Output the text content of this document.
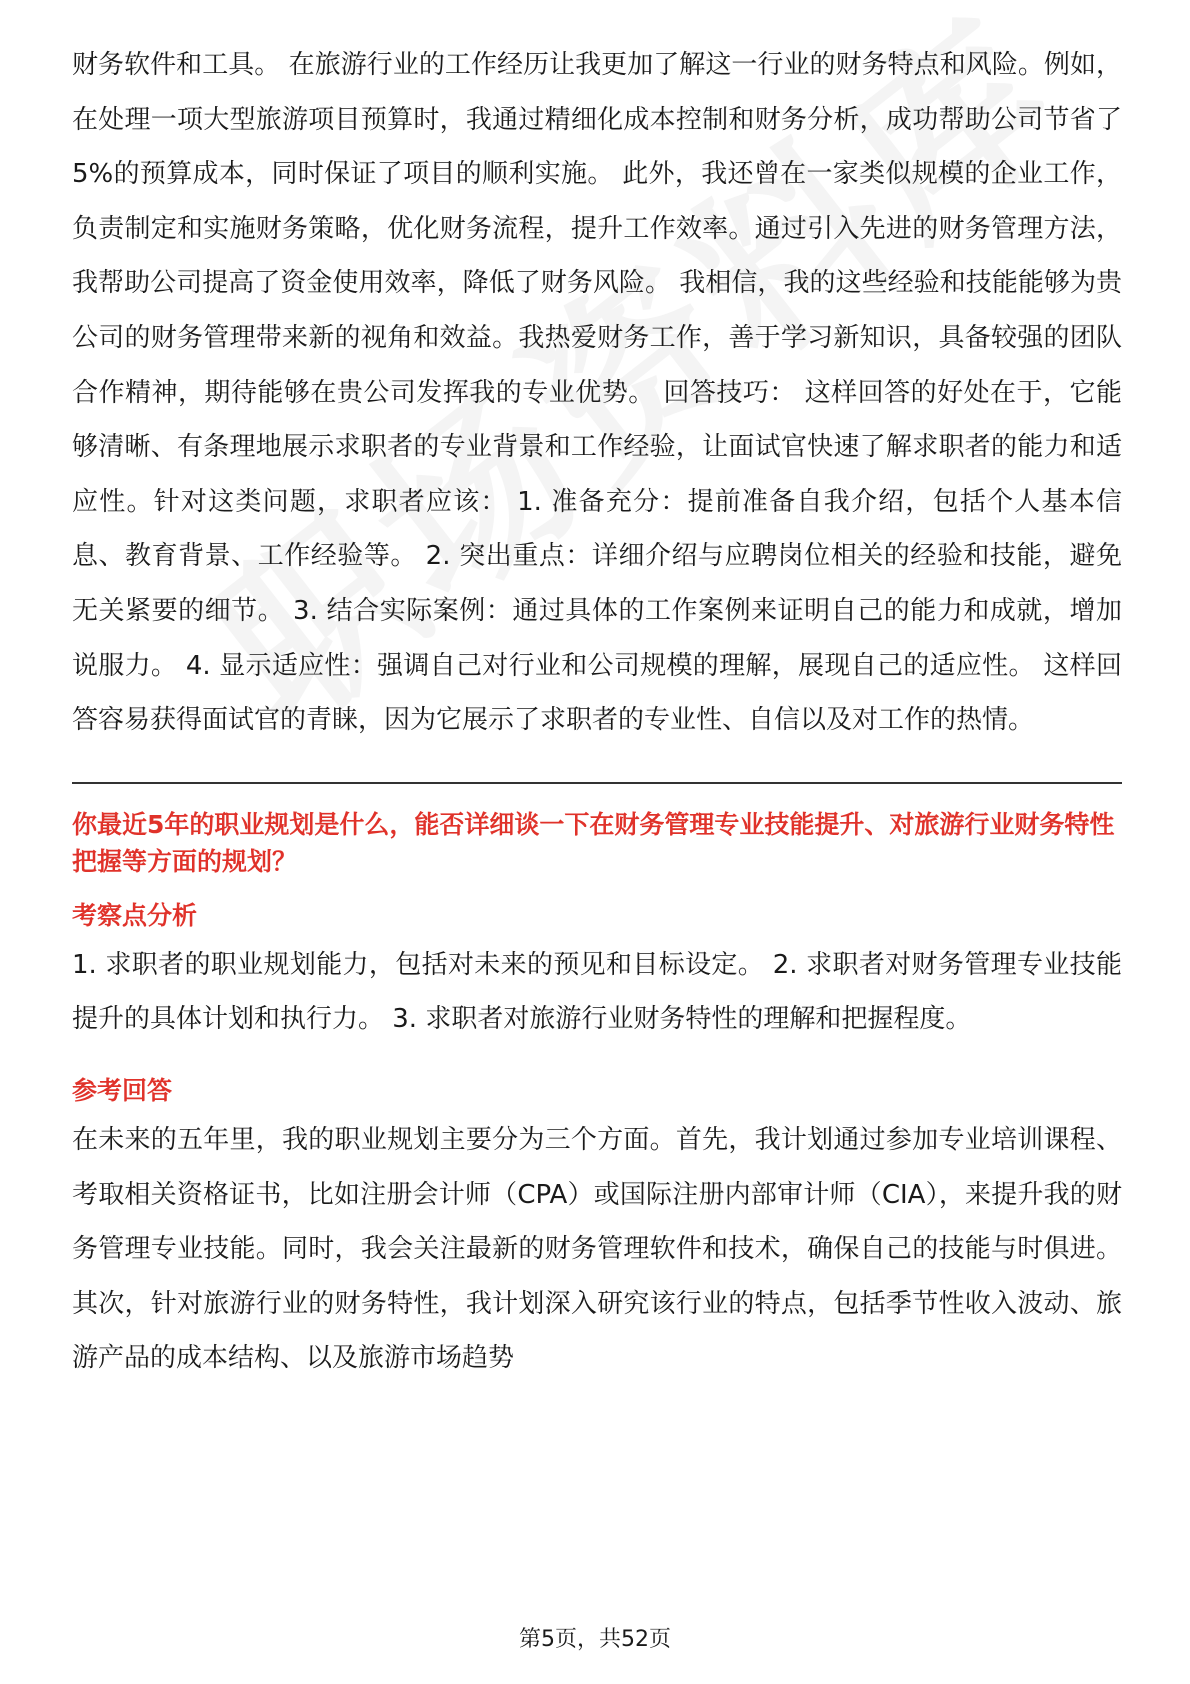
财务软件和工具。 在旅游行业的工作经历让我更加了解这一行业的财务特点和风险。例如，在处理一项大型旅游项目预算时，我通过精细化成本控制和财务分析，成功帮助公司节省了5%的预算成本，同时保证了项目的顺利实施。 此外，我还曾在一家类似规模的企业工作，负责制定和实施财务策略，优化财务流程，提升工作效率。通过引入先进的财务管理方法，我帮助公司提高了资金使用效率，降低了财务风险。 我相信，我的这些经验和技能能够为贵公司的财务管理带来新的视角和效益。我热爱财务工作，善于学习新知识，具备较强的团队合作精神，期待能够在贵公司发挥我的专业优势。 回答技巧： 这样回答的好处在于，它能够清晰、有条理地展示求职者的专业背景和工作经验，让面试官快速了解求职者的能力和适应性。针对这类问题，求职者应该： 1. 准备充分：提前准备自我介绍，包括个人基本信息、教育背景、工作经验等。 2. 突出重点：详细介绍与应聘岗位相关的经验和技能，避免无关紧要的细节。 3. 结合实际案例：通过具体的工作案例来证明自己的能力和成就，增加说服力。 4. 显示适应性：强调自己对行业和公司规模的理解，展现自己的适应性。 这样回答容易获得面试官的青睐，因为它展示了求职者的专业性、自信以及对工作的热情。

你最近5年的职业规划是什么，能否详细谈一下在财务管理专业技能提升、对旅游行业财务特性把握等方面的规划？

考察点分析

1. 求职者的职业规划能力，包括对未来的预见和目标设定。 2. 求职者对财务管理专业技能提升的具体计划和执行力。 3. 求职者对旅游行业财务特性的理解和把握程度。

参考回答

在未来的五年里，我的职业规划主要分为三个方面。首先，我计划通过参加专业培训课程、考取相关资格证书，比如注册会计师（CPA）或国际注册内部审计师（CIA），来提升我的财务管理专业技能。同时，我会关注最新的财务管理软件和技术，确保自己的技能与时俱进。 其次，针对旅游行业的财务特性，我计划深入研究该行业的特点，包括季节性收入波动、旅游产品的成本结构、以及旅游市场趋势

第5页，共52页
